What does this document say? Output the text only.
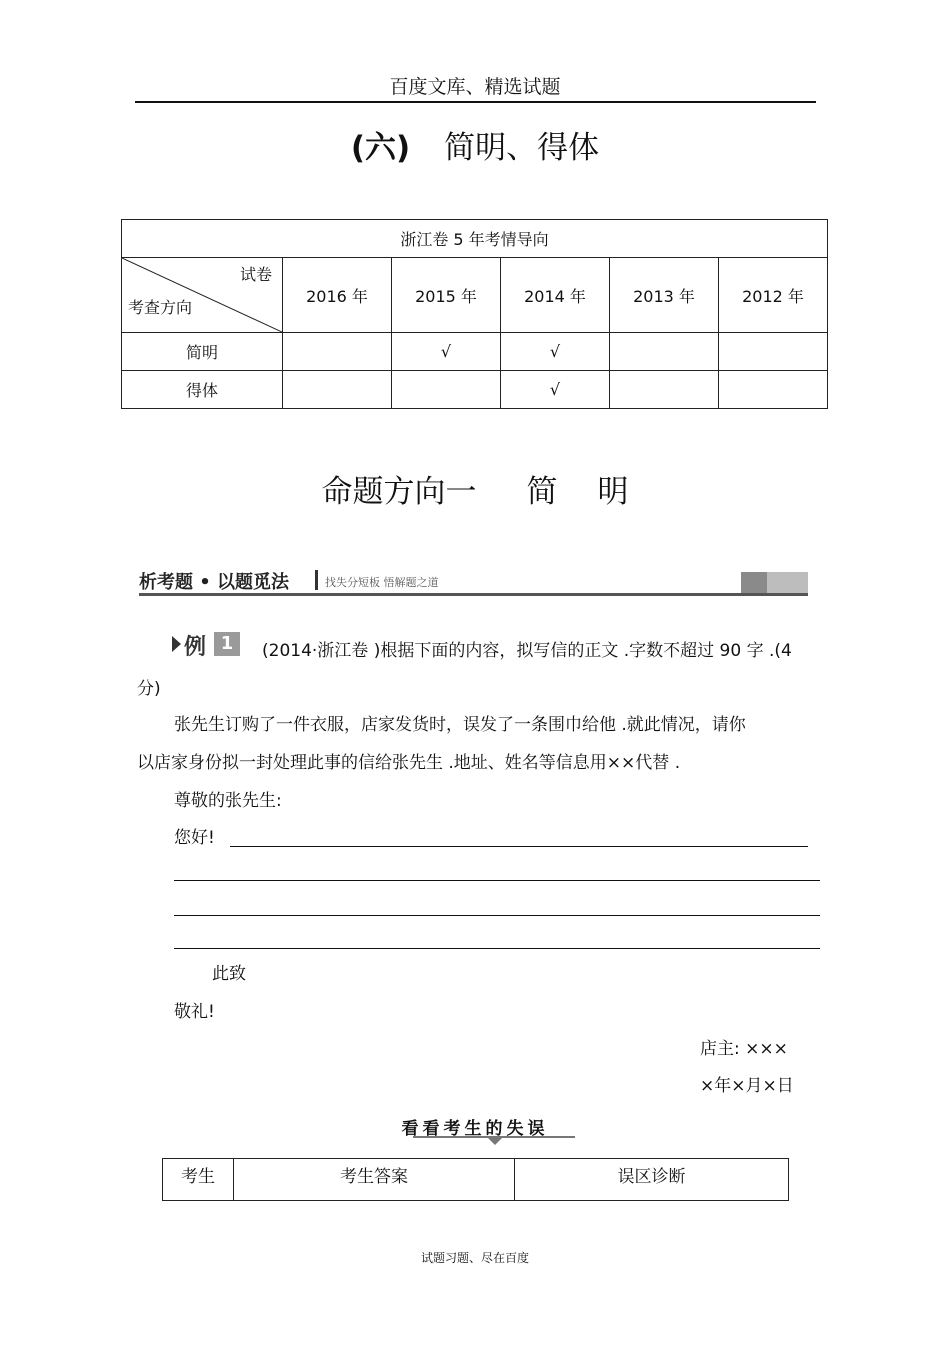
百度文库、精选试题
(六) 简明、得体
浙江卷 5 年考情导向					

试卷
考查方向	2016 年	2015 年	2014 年	2013 年	2012 年
简明		√	√		
得体			√		
命题方向一 简 明
析考题 • 以题觅法	找失分短板 悟解题之道
例 1	(2014·浙江卷 )根据下面的内容，拟写信的正文 .字数不超过 90 字 .(4
分)
张先生订购了一件衣服，店家发货时，误发了一条围巾给他 .就此情况，请你
以店家身份拟一封处理此事的信给张先生 .地址、姓名等信息用××代替 .
尊敬的张先生:
您好!
此致
敬礼!
店主: ×××
×年×月×日
看看考生的失误
考生	考生答案	误区诊断
试题习题、尽在百度
